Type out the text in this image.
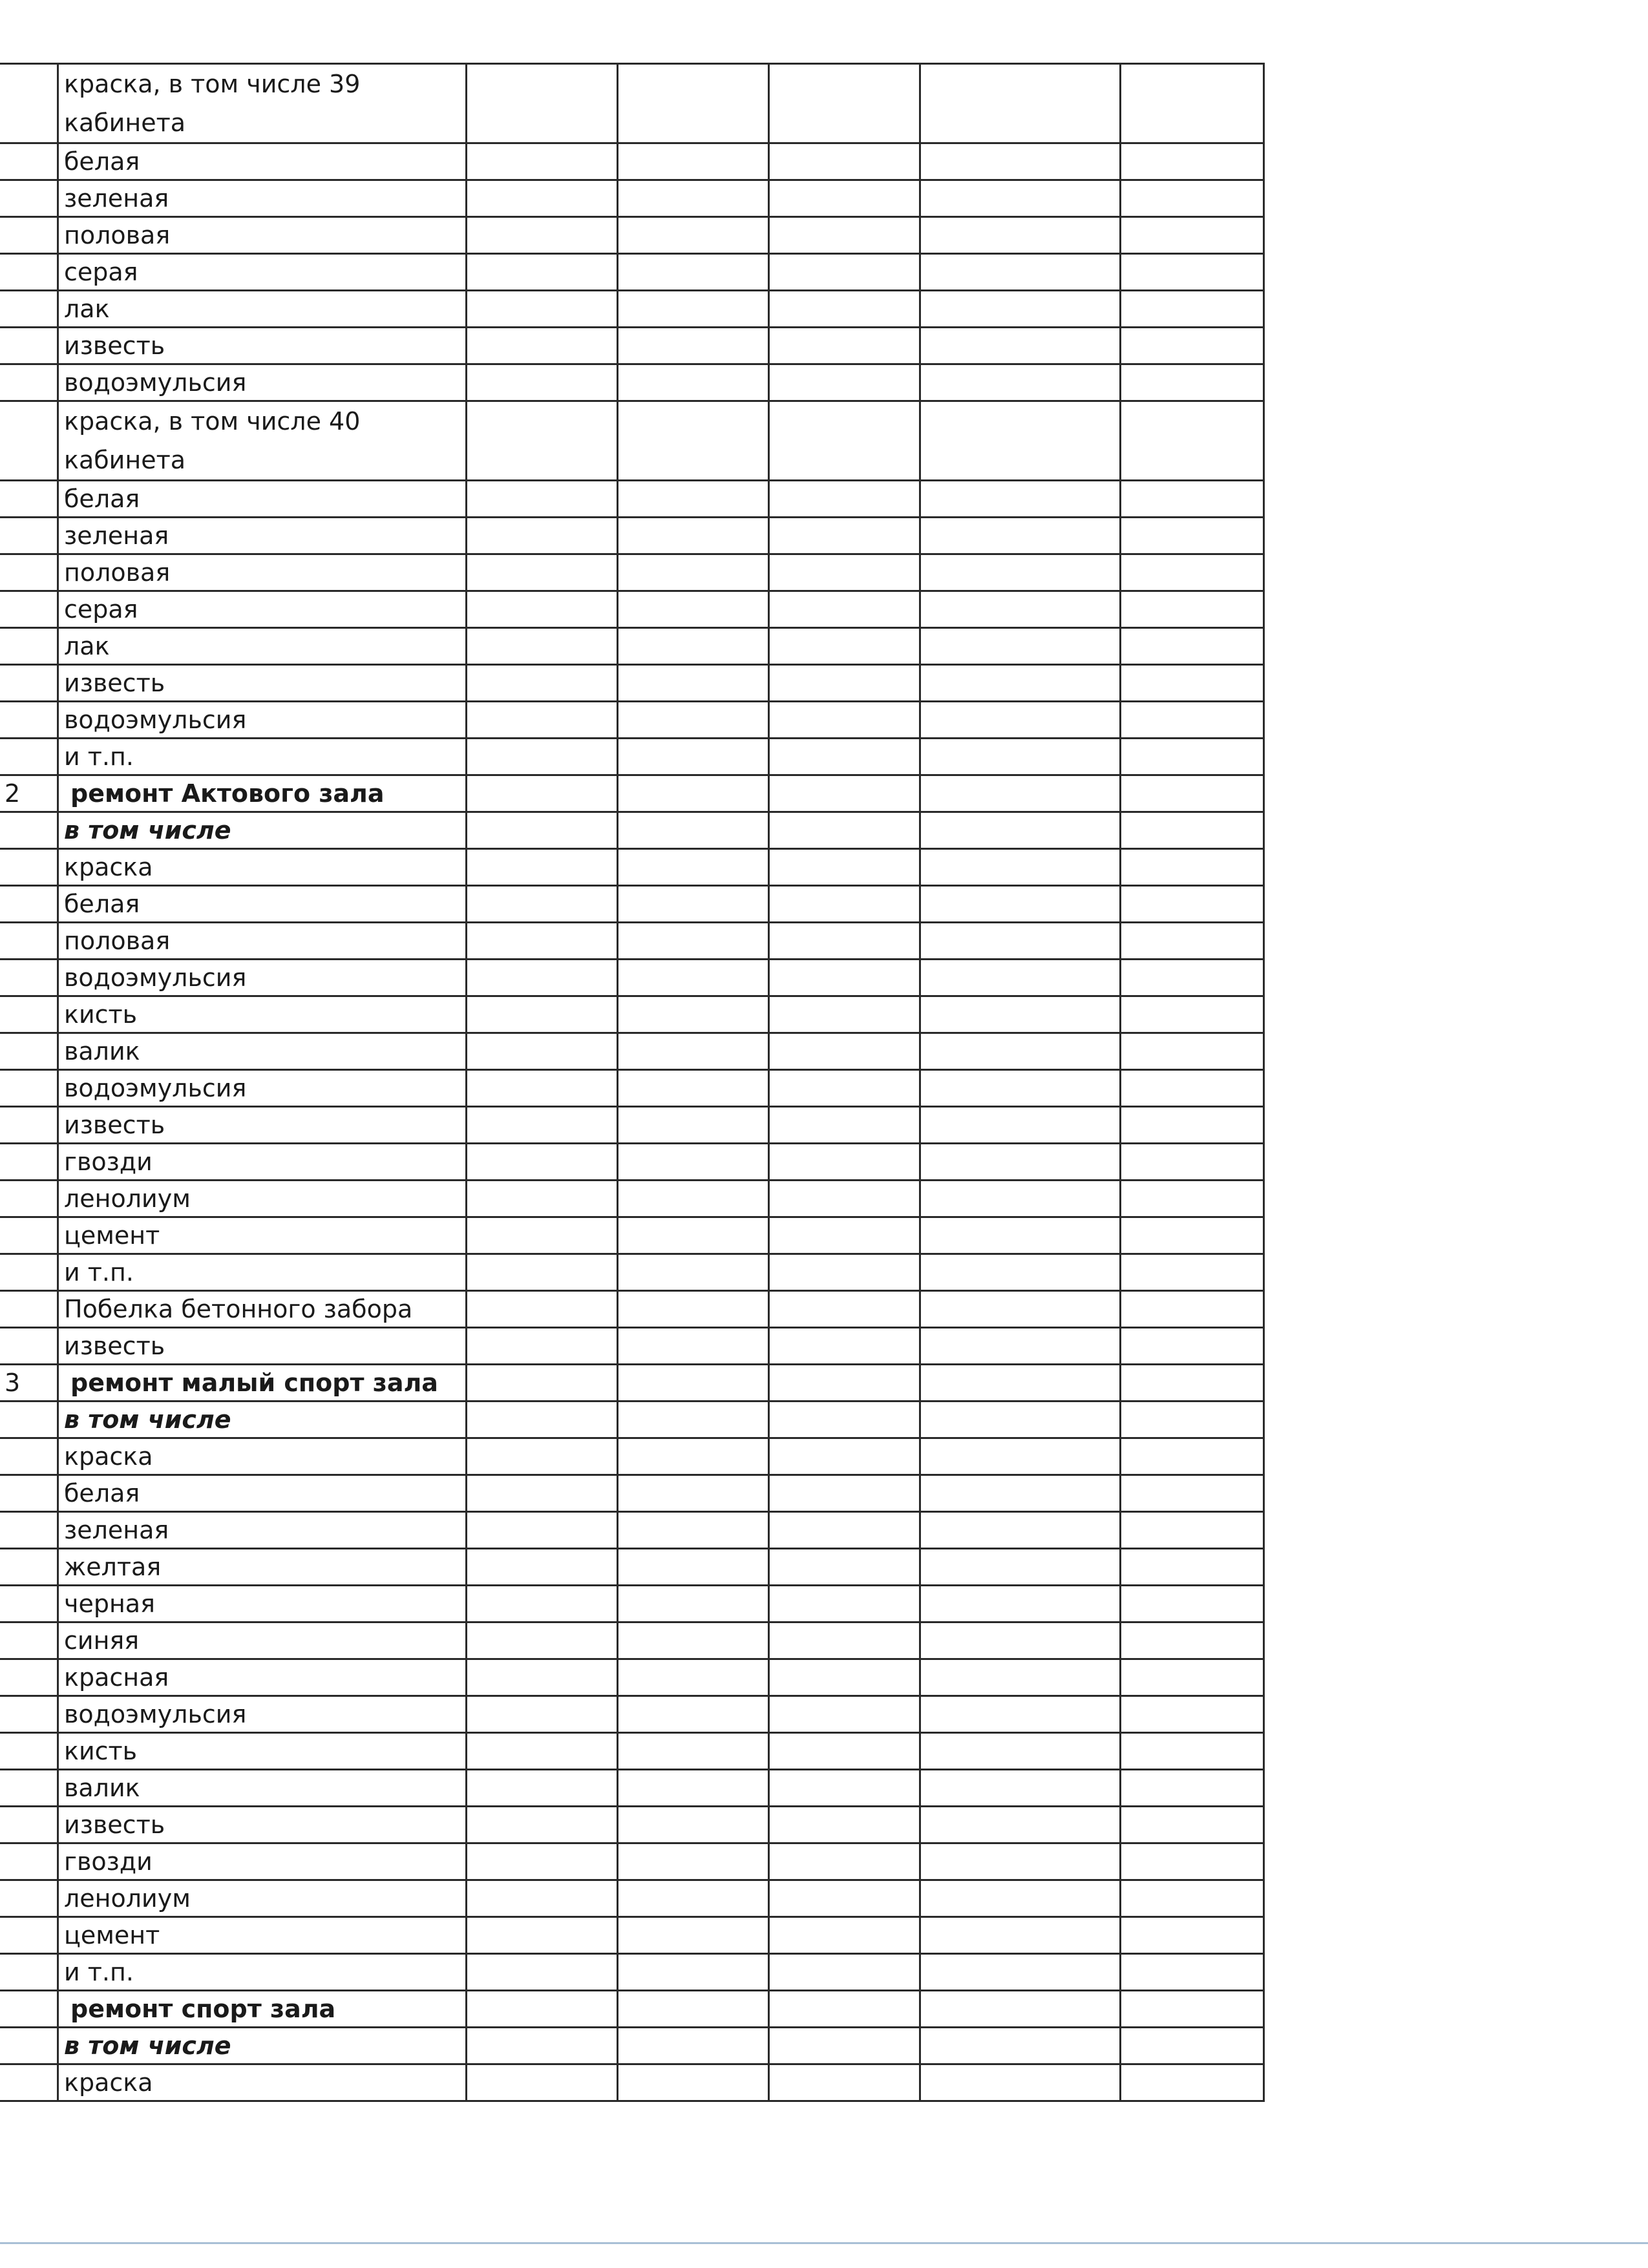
	краска, в том числе 39 кабинета					
	белая					
	зеленая					
	половая					
	серая					
	лак					
	известь					
	водоэмульсия					
	краска, в том числе 40 кабинета					
	белая					
	зеленая					
	половая					
	серая					
	лак					
	известь					
	водоэмульсия					
	и т.п.					
2	ремонт Актового зала					
	в том числе					
	краска					
	белая					
	половая					
	водоэмульсия					
	кисть					
	валик					
	водоэмульсия					
	известь					
	гвозди					
	ленолиум					
	цемент					
	и т.п.					
	Побелка бетонного забора					
	известь					
3	ремонт малый спорт зала					
	в том числе					
	краска					
	белая					
	зеленая					
	желтая					
	черная					
	синяя					
	красная					
	водоэмульсия					
	кисть					
	валик					
	известь					
	гвозди					
	ленолиум					
	цемент					
	и т.п.					
	ремонт спорт зала					
	в том числе					
	краска					
